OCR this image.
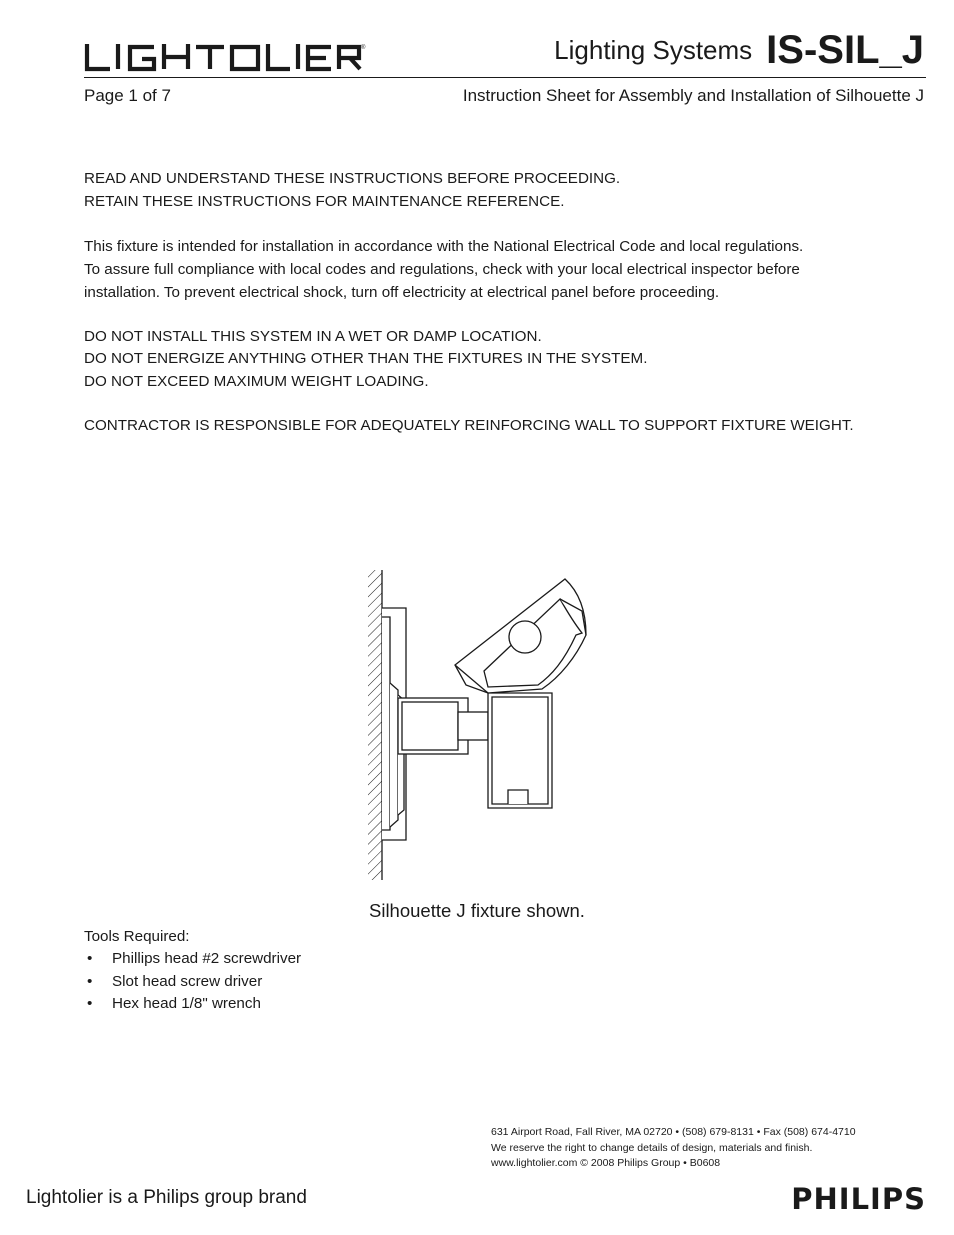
®	Lighting Systems IS-SIL_J
Page 1 of 7	Instruction Sheet for Assembly and Installation of Silhouette J
READ AND UNDERSTAND THESE INSTRUCTIONS BEFORE PROCEEDING.
RETAIN THESE INSTRUCTIONS FOR MAINTENANCE REFERENCE.
This fixture is intended for installation in accordance with the National Electrical Code and local regulations.
To assure full compliance with local codes and regulations, check with your local electrical inspector before
installation. To prevent electrical shock, turn off electricity at electrical panel before proceeding.
DO NOT INSTALL THIS SYSTEM IN A WET OR DAMP LOCATION.
DO NOT ENERGIZE ANYTHING OTHER THAN THE FIXTURES IN THE SYSTEM.
DO NOT EXCEED MAXIMUM WEIGHT LOADING.
CONTRACTOR IS RESPONSIBLE FOR ADEQUATELY REINFORCING WALL TO SUPPORT FIXTURE WEIGHT.
Silhouette J fixture shown.
Tools Required:
• Phillips head #2 screwdriver
• Slot head screw driver
• Hex head 1/8" wrench
631 Airport Road, Fall River, MA 02720 • (508) 679-8131 • Fax (508) 674-4710
We reserve the right to change details of design, materials and finish.
www.lightolier.com © 2008 Philips Group • B0608
Lightolier is a Philips group brand	PHILIPS
